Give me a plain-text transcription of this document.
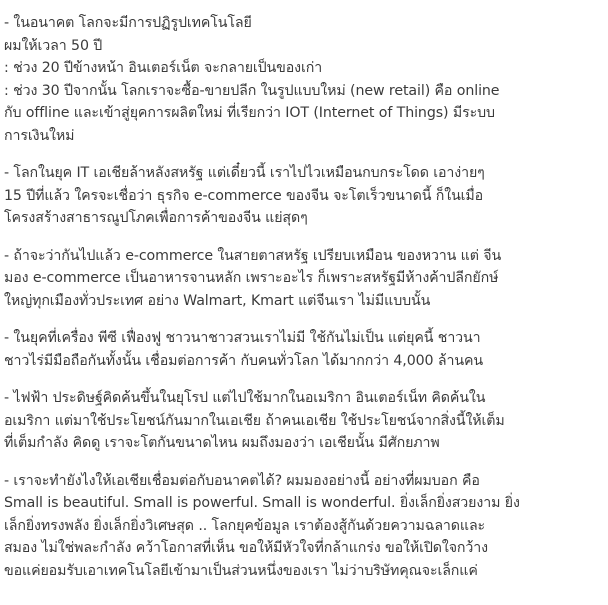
- ในอนาคต โลกจะมีการปฏิรูปเทคโนโลยี
ผมให้เวลา 50 ปี
: ช่วง 20 ปีข้างหน้า อินเตอร์เน็ต จะกลายเป็นของเก่า
: ช่วง 30 ปีจากนั้น โลกเราจะซื้อ-ขายปลีก ในรูปแบบใหม่ (new retail) คือ online
กับ offline และเข้าสู่ยุคการผลิตใหม่ ที่เรียกว่า IOT (Internet of Things) มีระบบ
การเงินใหม่
- โลกในยุค IT เอเชียล้าหลังสหรัฐ แต่เดี๋ยวนี้ เราไปไวเหมือนกบกระโดด เอาง่ายๆ
15 ปีที่แล้ว ใครจะเชื่อว่า ธุรกิจ e-commerce ของจีน จะโตเร็วขนาดนี้ ก็ในเมื่อ
โครงสร้างสาธารณูปโภคเพื่อการค้าของจีน แย่สุดๆ
- ถ้าจะว่ากันไปแล้ว e-commerce ในสายตาสหรัฐ เปรียบเหมือน ของหวาน แต่ จีน
มอง e-commerce เป็นอาหารจานหลัก เพราะอะไร ก็เพราะสหรัฐมีห้างค้าปลีกยักษ์
ใหญ่ทุกเมืองทั่วประเทศ อย่าง Walmart, Kmart แต่จีนเรา ไม่มีแบบนั้น
- ในยุคที่เครื่อง พีซี เฟื่องฟู ชาวนาชาวสวนเราไม่มี ใช้กันไม่เป็น แต่ยุคนี้ ชาวนา
ชาวไร่มีมือถือกันทั้งนั้น เชื่อมต่อการค้า กับคนทั่วโลก ได้มากกว่า 4,000 ล้านคน
- ไฟฟ้า ประดิษฐ์คิดค้นขึ้นในยุโรป แต่ไปใช้มากในอเมริกา อินเตอร์เน็ท คิดค้นใน
อเมริกา แต่มาใช้ประโยชน์กันมากในเอเชีย ถ้าคนเอเชีย ใช้ประโยชน์จากสิ่งนี้ให้เต็ม
ที่เต็มกำลัง คิดดู เราจะโตกันขนาดไหน ผมถึงมองว่า เอเชียนั้น มีศักยภาพ
- เราจะทำยังไงให้เอเชียเชื่อมต่อกับอนาคตได้? ผมมองอย่างนี้ อย่างที่ผมบอก คือ
Small is beautiful. Small is powerful. Small is wonderful. ยิ่งเล็กยิ่งสวยงาม ยิ่ง
เล็กยิ่งทรงพลัง ยิ่งเล็กยิ่งวิเศษสุด .. โลกยุคข้อมูล เราต้องสู้กันด้วยความฉลาดและ
สมอง ไม่ใช่พละกำลัง คว้าโอกาสที่เห็น ขอให้มีหัวใจที่กล้าแกร่ง ขอให้เปิดใจกว้าง
ขอแค่ยอมรับเอาเทคโนโลยีเข้ามาเป็นส่วนหนึ่งของเรา ไม่ว่าบริษัทคุณจะเล็กแค่
